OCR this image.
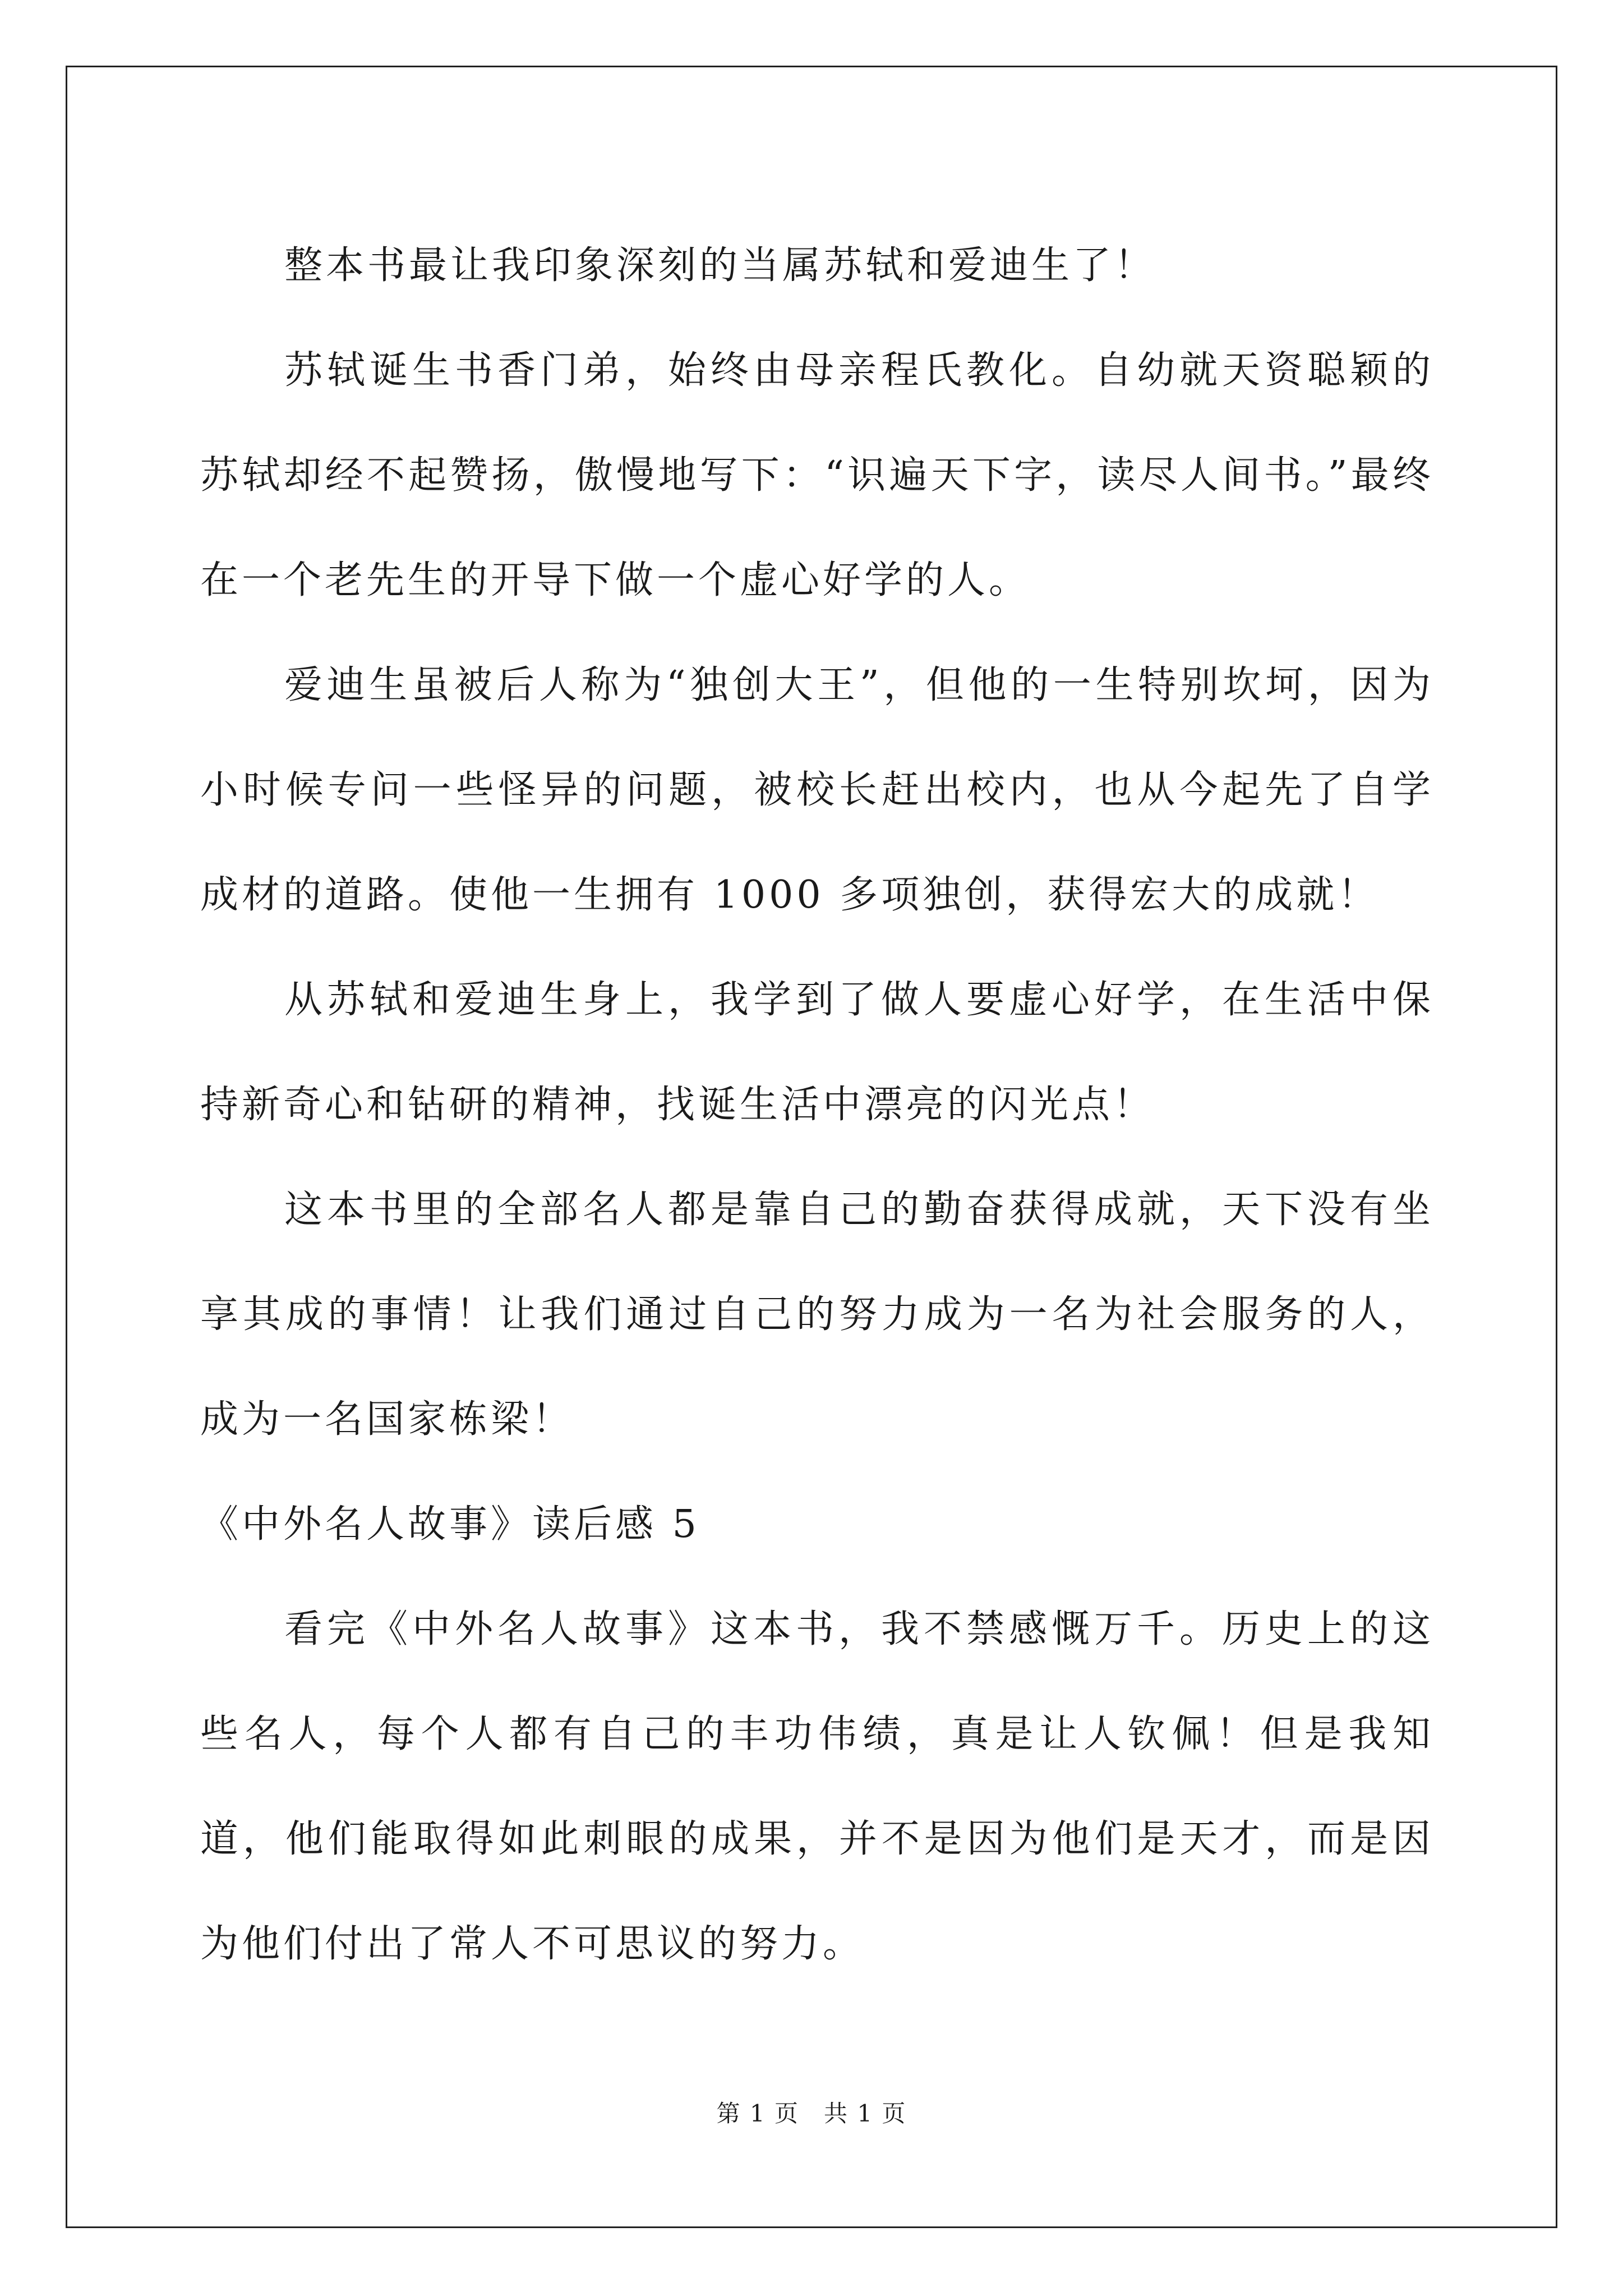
整本书最让我印象深刻的当属苏轼和爱迪生了！

苏轼诞生书香门弟，始终由母亲程氏教化。自幼就天资聪颖的苏轼却经不起赞扬，傲慢地写下：“识遍天下字，读尽人间书。”最终在一个老先生的开导下做一个虚心好学的人。

爱迪生虽被后人称为“独创大王”，但他的一生特别坎坷，因为小时候专问一些怪异的问题，被校长赶出校内，也从今起先了自学成材的道路。使他一生拥有 1000 多项独创，获得宏大的成就！

从苏轼和爱迪生身上，我学到了做人要虚心好学，在生活中保持新奇心和钻研的精神，找诞生活中漂亮的闪光点！

这本书里的全部名人都是靠自己的勤奋获得成就，天下没有坐享其成的事情！让我们通过自己的努力成为一名为社会服务的人，成为一名国家栋梁！

《中外名人故事》读后感 5

看完《中外名人故事》这本书，我不禁感慨万千。历史上的这些名人，每个人都有自己的丰功伟绩，真是让人钦佩！但是我知道，他们能取得如此刺眼的成果，并不是因为他们是天才，而是因为他们付出了常人不可思议的努力。

第 1 页　共 1 页
